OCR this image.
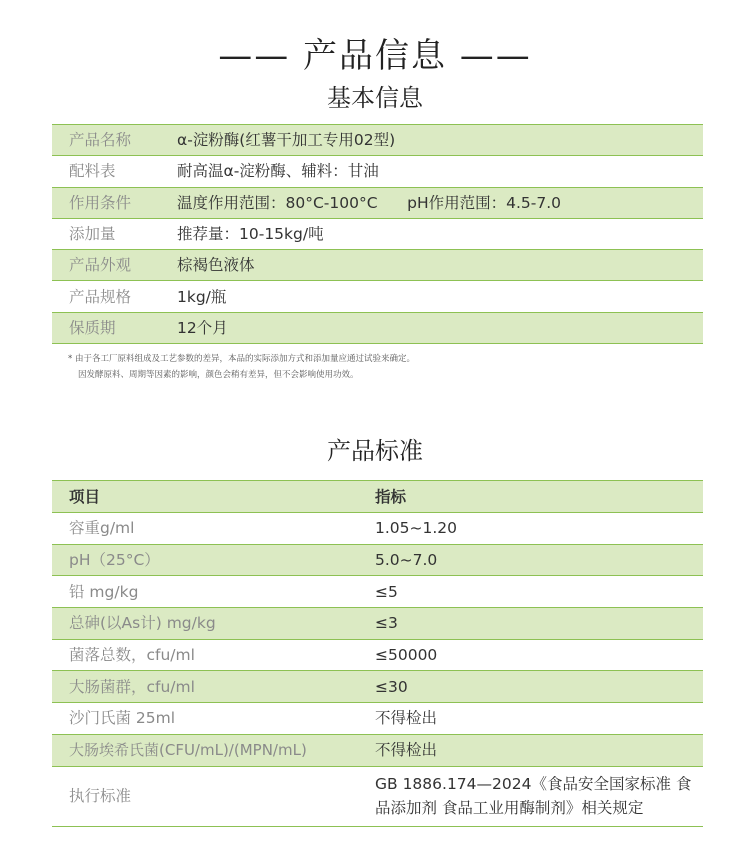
—— 产品信息 ——
基本信息
产品名称	α-淀粉酶(红薯干加工专用02型)
配料表	耐高温α-淀粉酶、辅料：甘油
作用条件	温度作用范围：80°C-100°C      pH作用范围：4.5-7.0
添加量	推荐量：10-15kg/吨
产品外观	棕褐色液体
产品规格	1kg/瓶
保质期	12个月
* 由于各工厂原料组成及工艺参数的差异，本品的实际添加方式和添加量应通过试验来确定。
因发酵原料、周期等因素的影响，颜色会稍有差异，但不会影响使用功效。
产品标准
项目	指标
容重g/ml	1.05~1.20
pH（25°C）	5.0~7.0
铅 mg/kg	≤5
总砷(以As计) mg/kg	≤3
菌落总数，cfu/ml	≤50000
大肠菌群，cfu/ml	≤30
沙门氏菌 25ml	不得检出
大肠埃希氏菌(CFU/mL)/(MPN/mL)	不得检出
执行标准	GB 1886.174—2024《食品安全国家标准 食品添加剂 食品工业用酶制剂》相关规定
